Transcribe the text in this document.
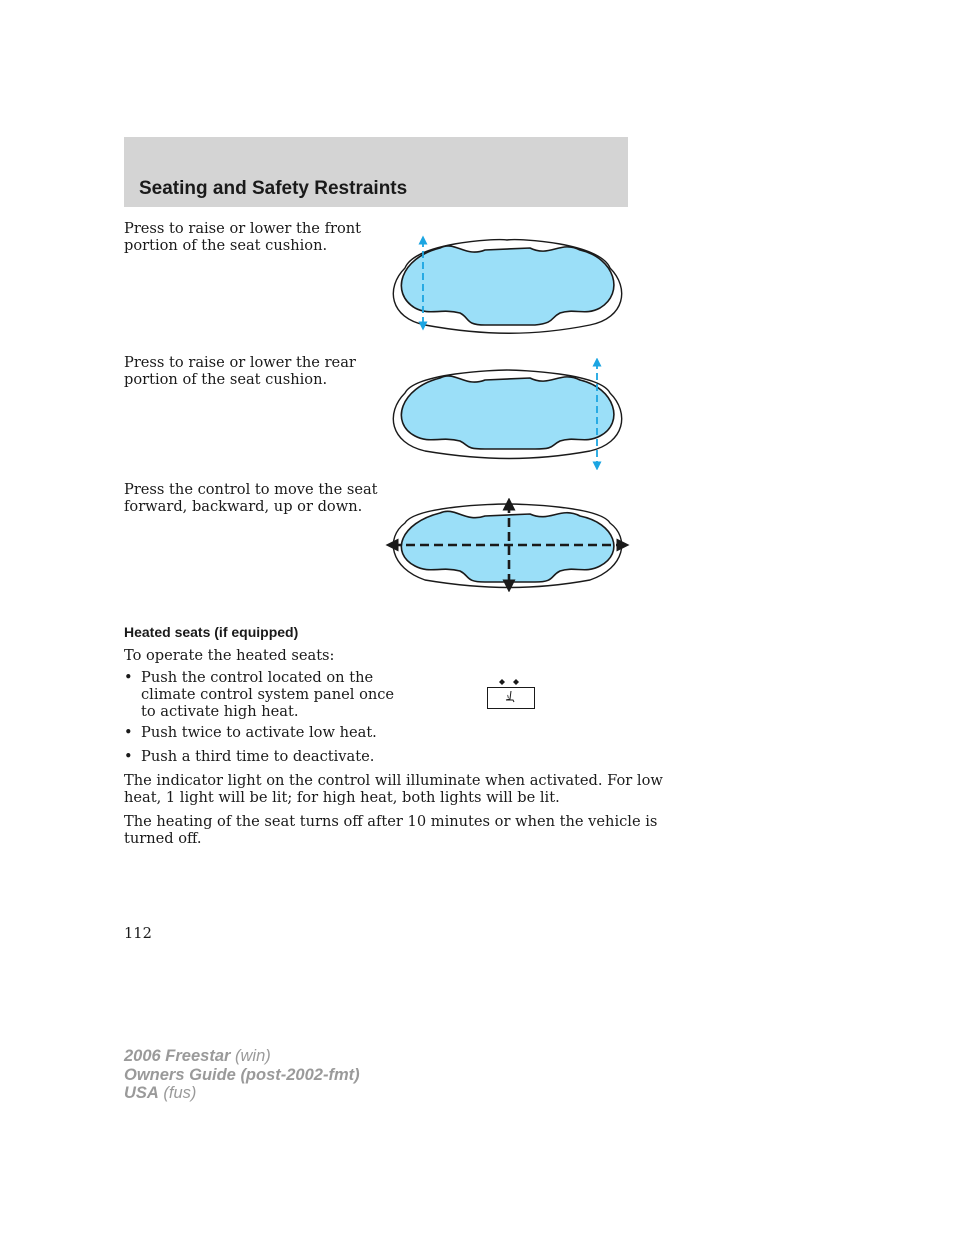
Seating and Safety Restraints

Press to raise or lower the front
portion of the seat cushion.

Press to raise or lower the rear
portion of the seat cushion.

Press the control to move the seat
forward, backward, up or down.

Heated seats (if equipped)

To operate the heated seats:

• Push the control located on the
climate control system panel once
to activate high heat.
• Push twice to activate low heat.
• Push a third time to deactivate.

The indicator light on the control will illuminate when activated. For low
heat, 1 light will be lit; for high heat, both lights will be lit.

The heating of the seat turns off after 10 minutes or when the vehicle is
turned off.

112
2006 Freestar (win)
Owners Guide (post-2002-fmt)
USA (fus)
